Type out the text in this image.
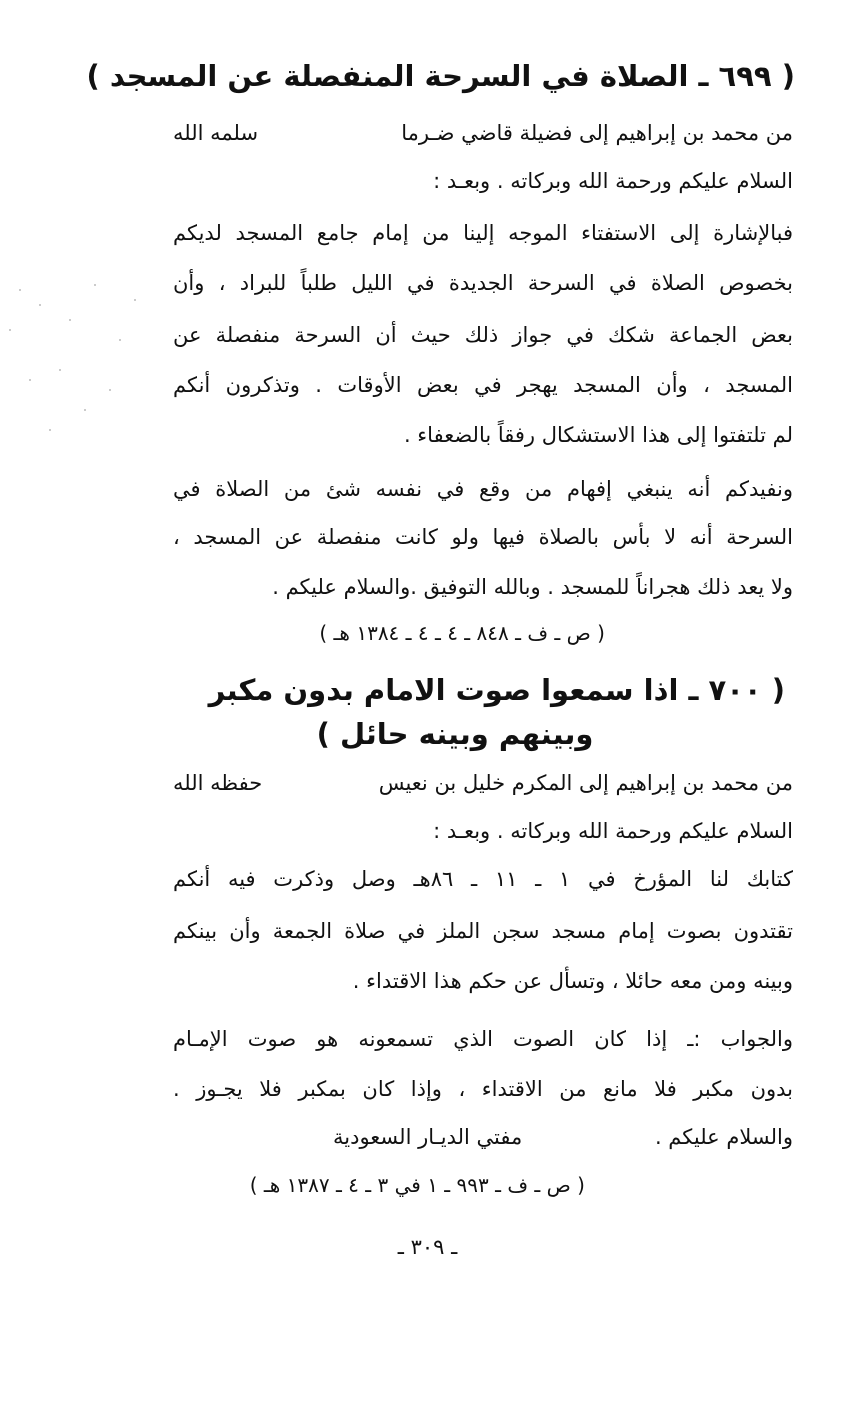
( ٦٩٩ ـ الصلاة في السرحة المنفصلة عن المسجد )
من محمد بن إبراهيم إلى فضيلة قاضي ضـرما
سلمه الله
السلام عليكم ورحمة الله وبركاته . وبعـد :
فبالإشارة إلى الاستفتاء الموجه إلينا من إمام جامع المسجد لديكم
بخصوص الصلاة في السرحة الجديدة في الليل طلباً للبراد ، وأن
بعض الجماعة شكك في جواز ذلك حيث أن السرحة منفصلة عن
المسجد ، وأن المسجد يهجر في بعض الأوقات . وتذكرون أنكم
لم تلتفتوا إلى هذا الاستشكال رفقاً بالضعفاء .
ونفيدكم أنه ينبغي إفهام من وقع في نفسه شئ من الصلاة في
السرحة أنه لا بأس بالصلاة فيها ولو كانت منفصلة عن المسجد ،
ولا يعد ذلك هجراناً للمسجد . وبالله التوفيق .والسلام عليكم .
( ص ـ ف ـ ٨٤٨ ـ ٤ ـ ٤ ـ ١٣٨٤ هـ )
( ٧٠٠ ـ اذا سمعوا صوت الامام بدون مكبر
وبينهم وبينه حائل )
من محمد بن إبراهيم إلى المكرم خليل بن نعيس
حفظه الله
السلام عليكم ورحمة الله وبركاته . وبعـد :
كتابك لنا المؤرخ في ١ ـ ١١ ـ ٨٦هـ وصل وذكرت فيه أنكم
تقتدون بصوت إمام مسجد سجن الملز في صلاة الجمعة وأن بينكم
وبينه ومن معه حائلا ، وتسأل عن حكم هذا الاقتداء .
والجواب :ـ إذا كان الصوت الذي تسمعونه هو صوت الإمـام
بدون مكبر فلا مانع من الاقتداء ، وإذا كان بمكبر فلا يجـوز .
والسلام عليكم .
مفتي الديـار السعودية
( ص ـ ف ـ ٩٩٣ ـ ١ في ٣ ـ ٤ ـ ١٣٨٧ هـ )
ـ ٣٠٩ ـ
